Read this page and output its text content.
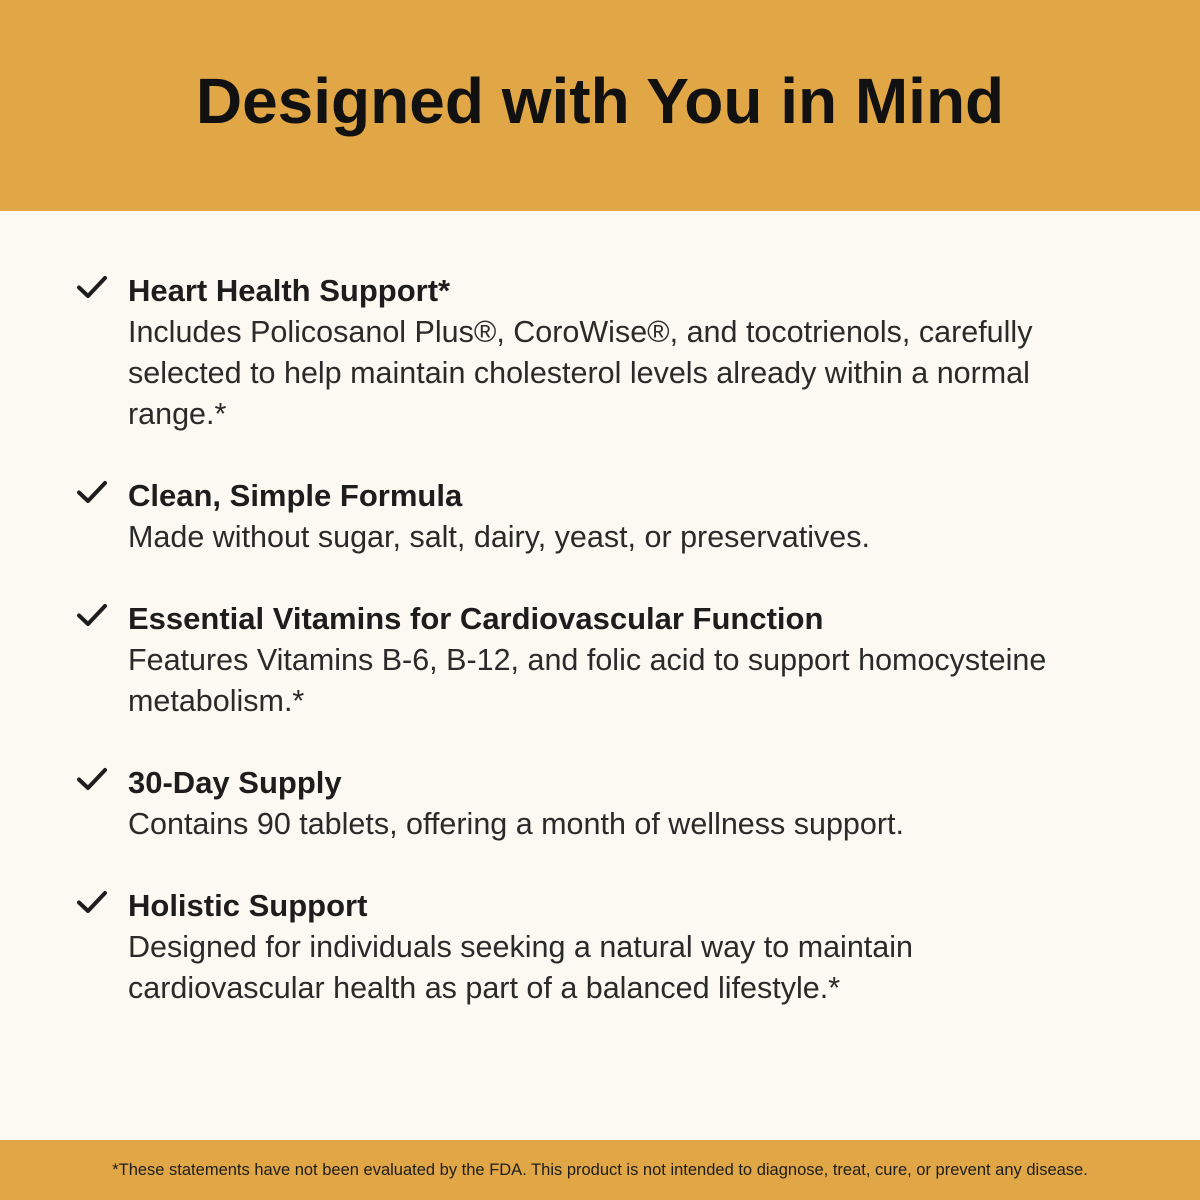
Designed with You in Mind
Heart Health Support*
Includes Policosanol Plus®, CoroWise®, and tocotrienols, carefully
selected to help maintain cholesterol levels already within a normal
range.*
Clean, Simple Formula
Made without sugar, salt, dairy, yeast, or preservatives.
Essential Vitamins for Cardiovascular Function
Features Vitamins B-6, B-12, and folic acid to support homocysteine
metabolism.*
30-Day Supply
Contains 90 tablets, offering a month of wellness support.
Holistic Support
Designed for individuals seeking a natural way to maintain
cardiovascular health as part of a balanced lifestyle.*
*These statements have not been evaluated by the FDA. This product is not intended to diagnose, treat, cure, or prevent any disease.
